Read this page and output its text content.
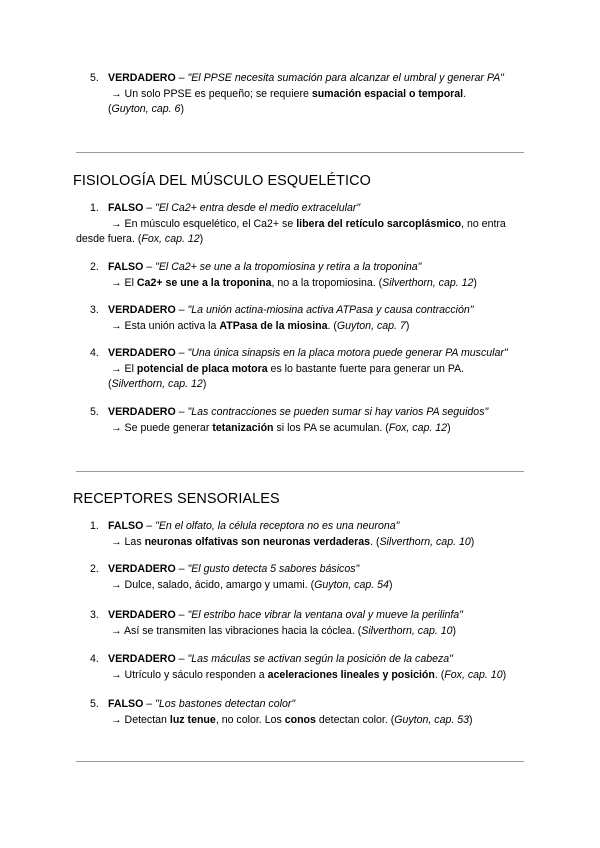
5. VERDADERO – "El PPSE necesita sumación para alcanzar el umbral y generar PA"
→ Un solo PPSE es pequeño; se requiere sumación espacial o temporal.
(Guyton, cap. 6)
FISIOLOGÍA DEL MÚSCULO ESQUELÉTICO
1. FALSO – "El Ca2+ entra desde el medio extracelular"
→ En músculo esquelético, el Ca2+ se libera del retículo sarcoplásmico, no entra
desde fuera. (Fox, cap. 12)
2. FALSO – "El Ca2+ se une a la tropomiosina y retira a la troponina"
→ El Ca2+ se une a la troponina, no a la tropomiosina. (Silverthorn, cap. 12)
3. VERDADERO – "La unión actina-miosina activa ATPasa y causa contracción"
→ Esta unión activa la ATPasa de la miosina. (Guyton, cap. 7)
4. VERDADERO – "Una única sinapsis en la placa motora puede generar PA muscular"
→ El potencial de placa motora es lo bastante fuerte para generar un PA.
(Silverthorn, cap. 12)
5. VERDADERO – "Las contracciones se pueden sumar si hay varios PA seguidos"
→ Se puede generar tetanización si los PA se acumulan. (Fox, cap. 12)
RECEPTORES SENSORIALES
1. FALSO – "En el olfato, la célula receptora no es una neurona"
→ Las neuronas olfativas son neuronas verdaderas. (Silverthorn, cap. 10)
2. VERDADERO – "El gusto detecta 5 sabores básicos"
→ Dulce, salado, ácido, amargo y umami. (Guyton, cap. 54)
3. VERDADERO – "El estribo hace vibrar la ventana oval y mueve la perilinfa"
→ Así se transmiten las vibraciones hacia la cóclea. (Silverthorn, cap. 10)
4. VERDADERO – "Las máculas se activan según la posición de la cabeza"
→ Utrículo y sáculo responden a aceleraciones lineales y posición. (Fox, cap. 10)
5. FALSO – "Los bastones detectan color"
→ Detectan luz tenue, no color. Los conos detectan color. (Guyton, cap. 53)
